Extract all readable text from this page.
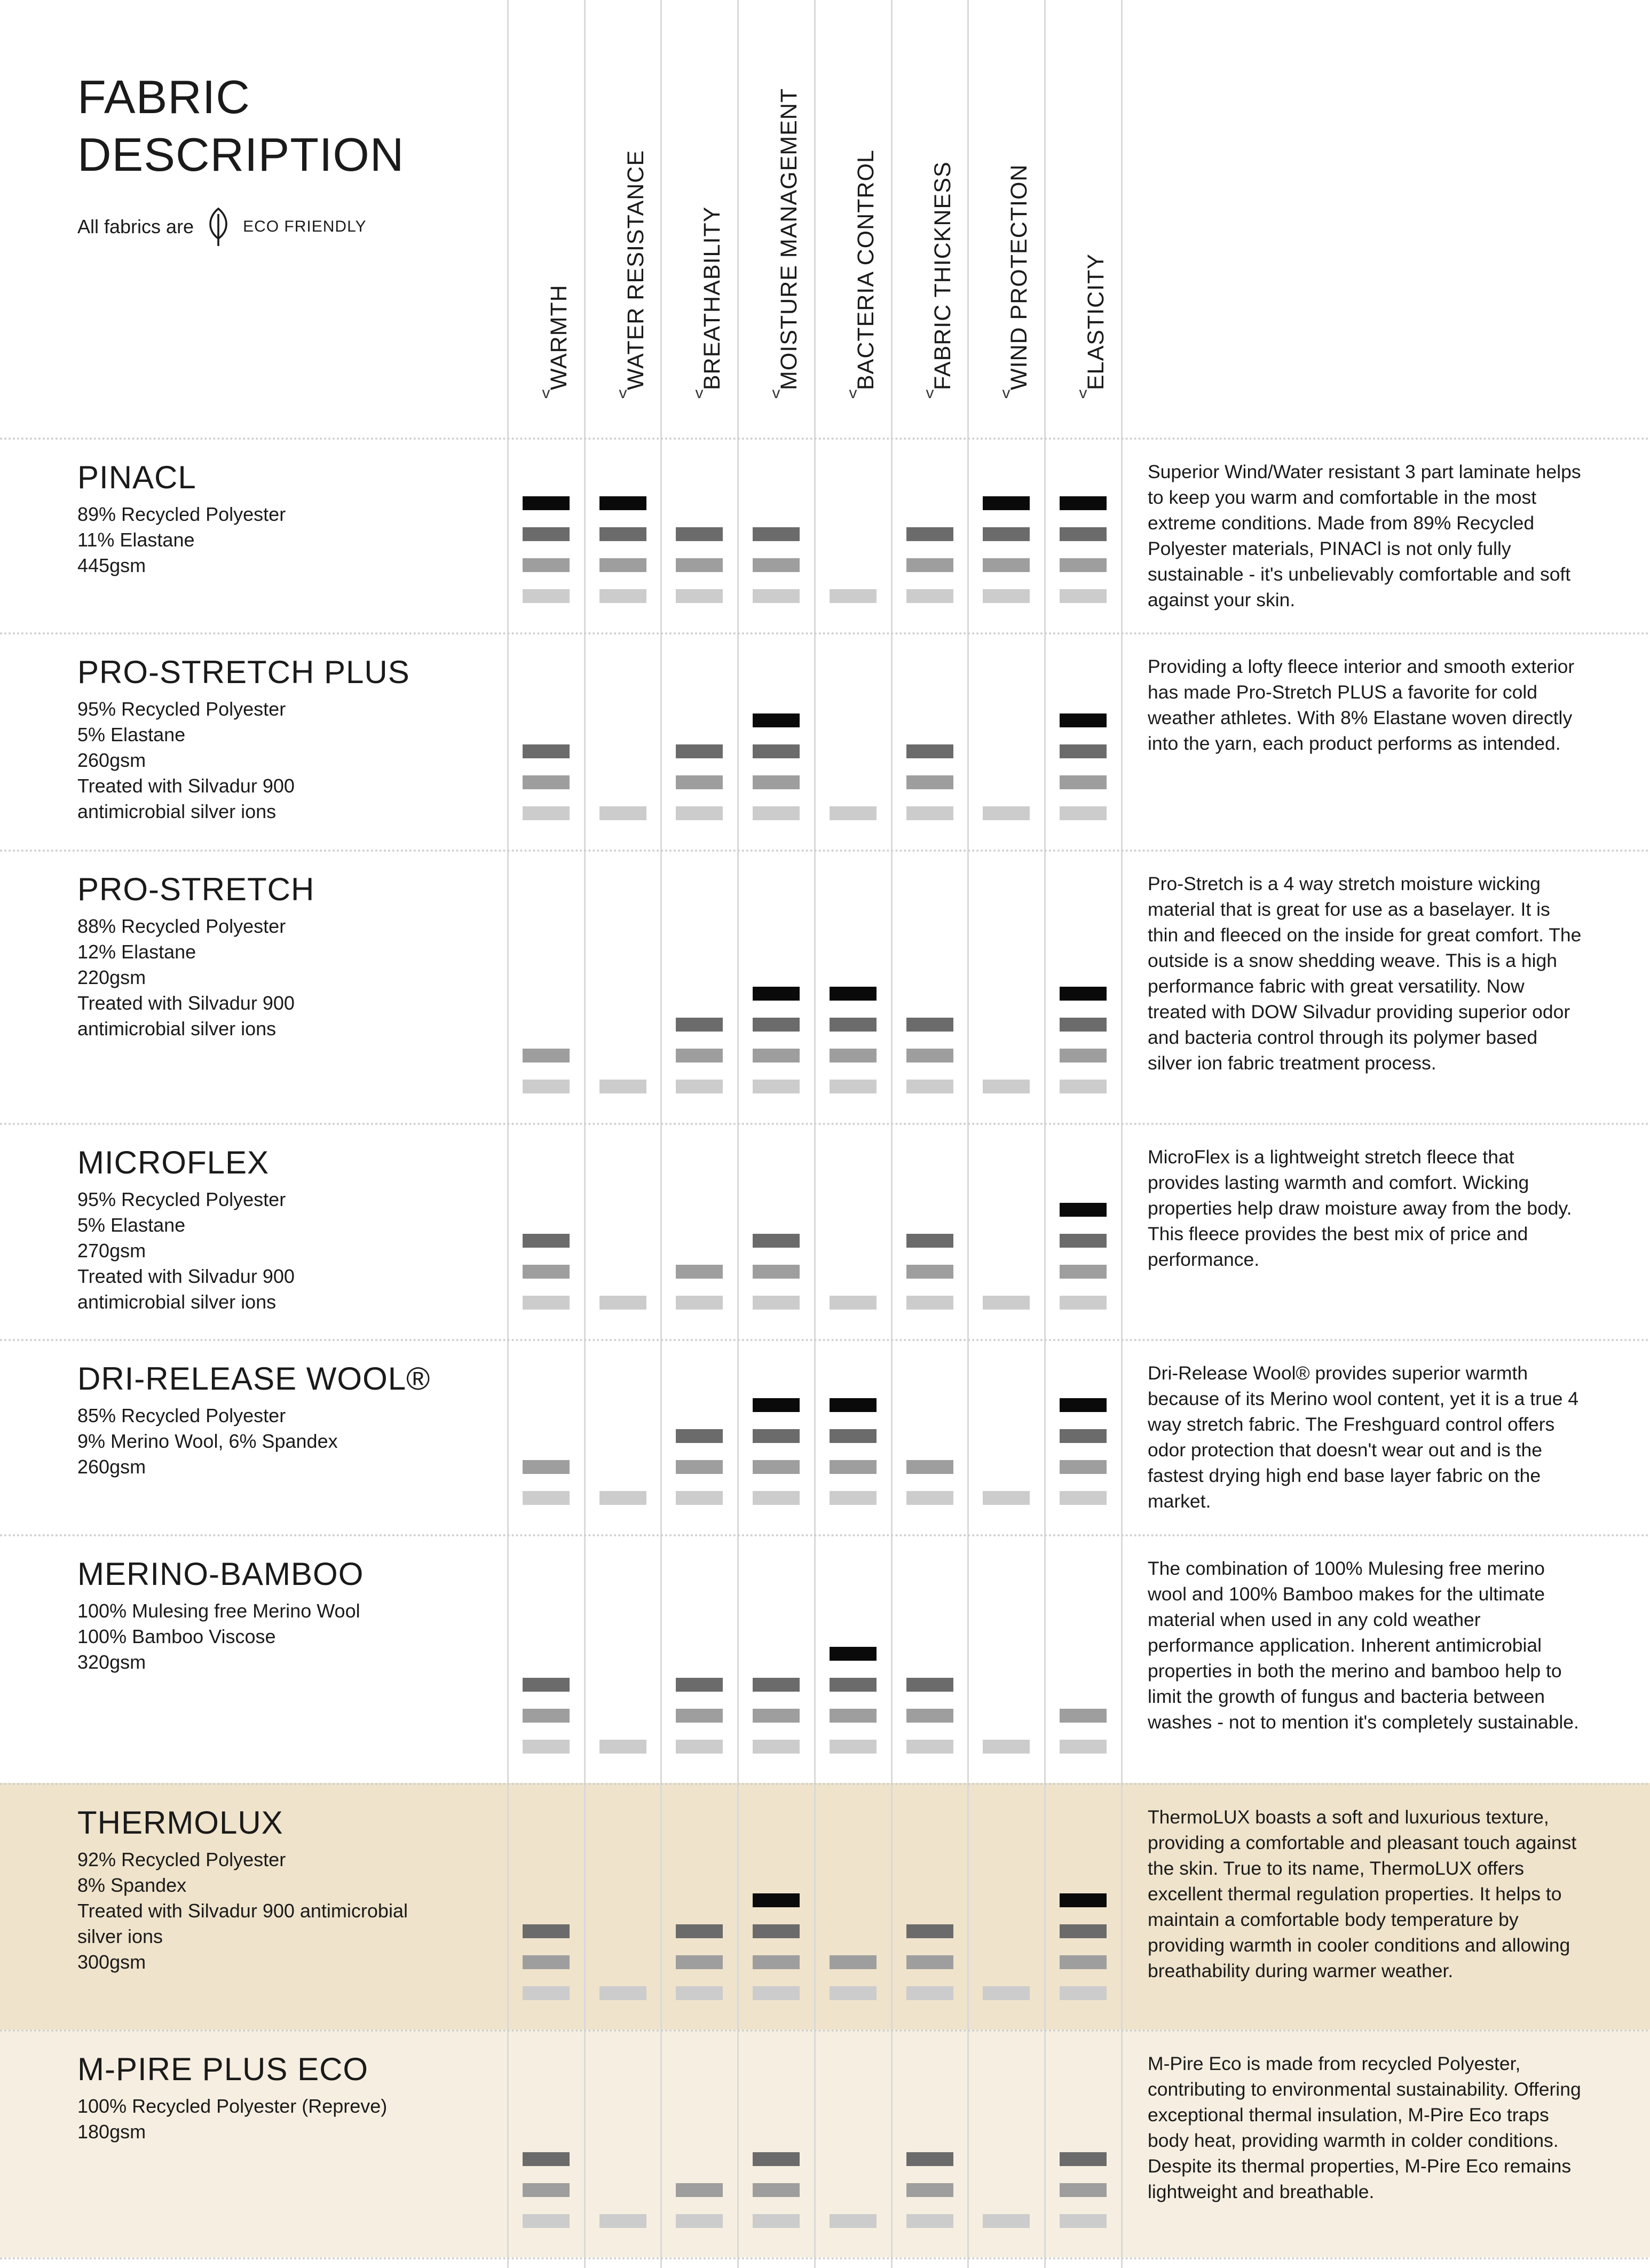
FABRIC
DESCRIPTION
All fabrics are	ECO FRIENDLY
WARMTH
v
WATER RESISTANCE
v
BREATHABILITY
v
MOISTURE MANAGEMENT
v
BACTERIA CONTROL
v
FABRIC THICKNESS
v
WIND PROTECTION
v
ELASTICITY
v
PINACL
89% Recycled Polyester
11% Elastane
445gsm
Superior Wind/Water resistant 3 part laminate helps to keep you warm and comfortable in the most extreme conditions. Made from 89% Recycled Polyester materials, PINACl is not only fully sustainable - it's unbelievably comfortable and soft against your skin.
PRO-STRETCH PLUS
95% Recycled Polyester
5% Elastane
260gsm
Treated with Silvadur 900
antimicrobial silver ions
Providing a lofty fleece interior and smooth exterior has made Pro-Stretch PLUS a favorite for cold weather athletes. With 8% Elastane woven directly into the yarn, each product performs as intended.
PRO-STRETCH
88% Recycled Polyester
12% Elastane
220gsm
Treated with Silvadur 900
antimicrobial silver ions
Pro-Stretch is a 4 way stretch moisture wicking material that is great for use as a baselayer. It is thin and fleeced on the inside for great comfort. The outside is a snow shedding weave. This is a high performance fabric with great versatility. Now treated with DOW Silvadur providing superior odor and bacteria control through its polymer based silver ion fabric treatment process.
MICROFLEX
95% Recycled Polyester
5% Elastane
270gsm
Treated with Silvadur 900
antimicrobial silver ions
MicroFlex is a lightweight stretch fleece that provides lasting warmth and comfort. Wicking properties help draw moisture away from the body. This fleece provides the best mix of price and performance.
DRI-RELEASE WOOL®
85% Recycled Polyester
9% Merino Wool, 6% Spandex
260gsm
Dri-Release Wool® provides superior warmth because of its Merino wool content, yet it is a true 4 way stretch fabric. The Freshguard control offers odor protection that doesn't wear out and is the fastest drying high end base layer fabric on the market.
MERINO-BAMBOO
100% Mulesing free Merino Wool
100% Bamboo Viscose
320gsm
The combination of 100% Mulesing free merino wool and 100% Bamboo makes for the ultimate material when used in any cold weather performance application. Inherent antimicrobial properties in both the merino and bamboo help to limit the growth of fungus and bacteria between washes - not to mention it's completely sustainable.
THERMOLUX
92% Recycled Polyester
8% Spandex
Treated with Silvadur 900 antimicrobial
silver ions
300gsm
ThermoLUX boasts a soft and luxurious texture, providing a comfortable and pleasant touch against the skin. True to its name, ThermoLUX offers excellent thermal regulation properties. It helps to maintain a comfortable body temperature by providing warmth in cooler conditions and allowing breathability during warmer weather.
M-PIRE PLUS ECO
100% Recycled Polyester (Repreve)
180gsm
M-Pire Eco is made from recycled Polyester, contributing to environmental sustainability. Offering exceptional thermal insulation, M-Pire Eco traps body heat, providing warmth in colder conditions. Despite its thermal properties, M-Pire Eco remains lightweight and breathable.
